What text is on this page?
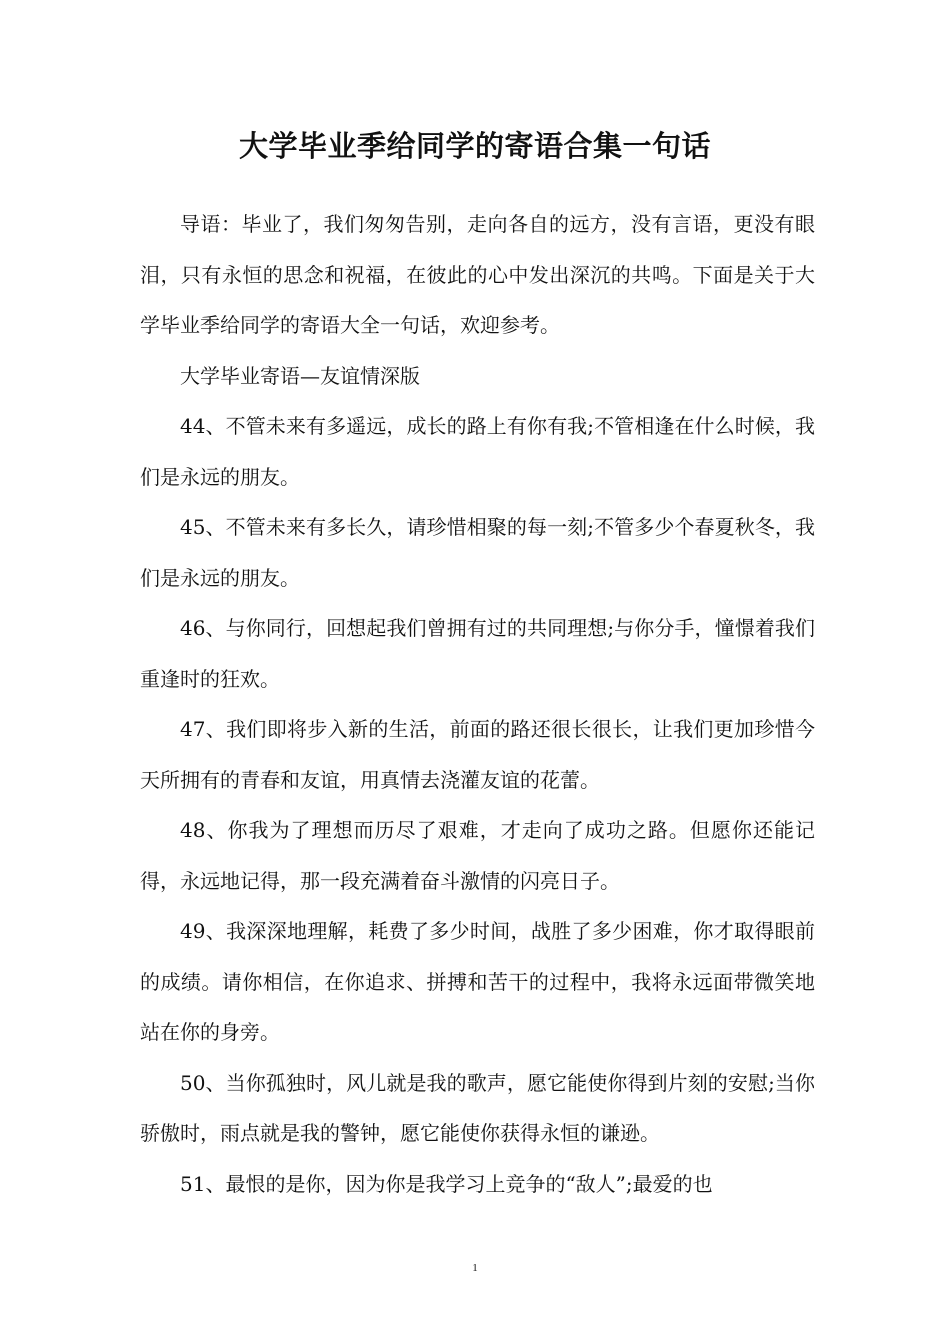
大学毕业季给同学的寄语合集一句话

导语：毕业了，我们匆匆告别，走向各自的远方，没有言语，更没有眼泪，只有永恒的思念和祝福，在彼此的心中发出深沉的共鸣。下面是关于大学毕业季给同学的寄语大全一句话，欢迎参考。

大学毕业寄语—友谊情深版

44、不管未来有多遥远，成长的路上有你有我;不管相逢在什么时候，我们是永远的朋友。

45、不管未来有多长久，请珍惜相聚的每一刻;不管多少个春夏秋冬，我们是永远的朋友。

46、与你同行，回想起我们曾拥有过的共同理想;与你分手，憧憬着我们重逢时的狂欢。

47、我们即将步入新的生活，前面的路还很长很长，让我们更加珍惜今天所拥有的青春和友谊，用真情去浇灌友谊的花蕾。

48、你我为了理想而历尽了艰难，才走向了成功之路。但愿你还能记得，永远地记得，那一段充满着奋斗激情的闪亮日子。

49、我深深地理解，耗费了多少时间，战胜了多少困难，你才取得眼前的成绩。请你相信，在你追求、拼搏和苦干的过程中，我将永远面带微笑地站在你的身旁。

50、当你孤独时，风儿就是我的歌声，愿它能使你得到片刻的安慰;当你骄傲时，雨点就是我的警钟，愿它能使你获得永恒的谦逊。

51、最恨的是你，因为你是我学习上竞争的“敌人”;最爱的也

1
